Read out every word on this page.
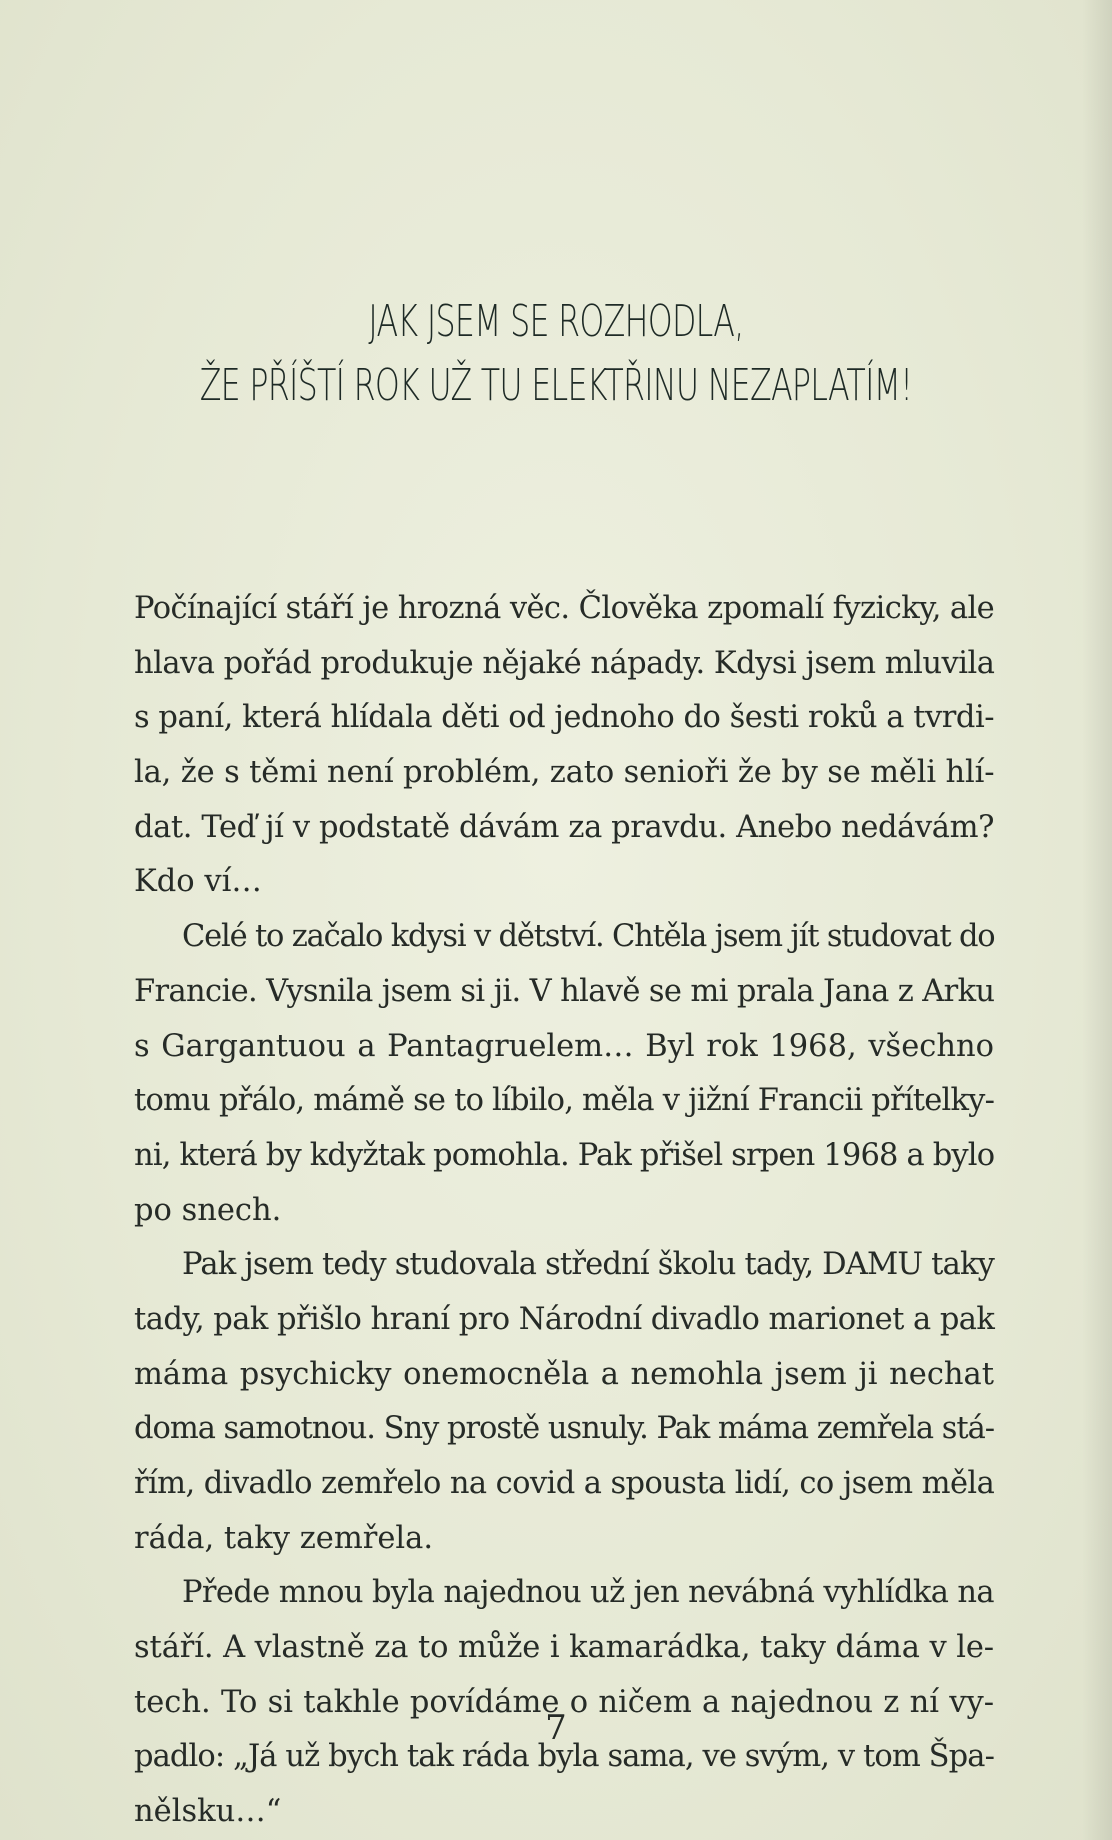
JAK JSEM SE ROZHODLA,
ŽE PŘÍŠTÍ ROK UŽ TU ELEKTŘINU NEZAPLATÍM!
Počínající stáří je hrozná věc. Člověka zpomalí fyzicky, ale
hlava pořád produkuje nějaké nápady. Kdysi jsem mluvila
s paní, která hlídala děti od jednoho do šesti roků a tvrdi-
la, že s těmi není problém, zato senioři že by se měli hlí-
dat. Teď jí v podstatě dávám za pravdu. Anebo nedávám?
Kdo ví…
Celé to začalo kdysi v dětství. Chtěla jsem jít studovat do
Francie. Vysnila jsem si ji. V hlavě se mi prala Jana z Arku
s Gargantuou a Pantagruelem… Byl rok 1968, všechno
tomu přálo, mámě se to líbilo, měla v jižní Francii přítelky-
ni, která by kdyžtak pomohla. Pak přišel srpen 1968 a bylo
po snech.
Pak jsem tedy studovala střední školu tady, DAMU taky
tady, pak přišlo hraní pro Národní divadlo marionet a pak
máma psychicky onemocněla a nemohla jsem ji nechat
doma samotnou. Sny prostě usnuly. Pak máma zemřela stá-
řím, divadlo zemřelo na covid a spousta lidí, co jsem měla
ráda, taky zemřela.
Přede mnou byla najednou už jen nevábná vyhlídka na
stáří. A vlastně za to může i kamarádka, taky dáma v le-
tech. To si takhle povídáme o ničem a najednou z ní vy-
padlo: „Já už bych tak ráda byla sama, ve svým, v tom Špa-
nělsku…“
7
